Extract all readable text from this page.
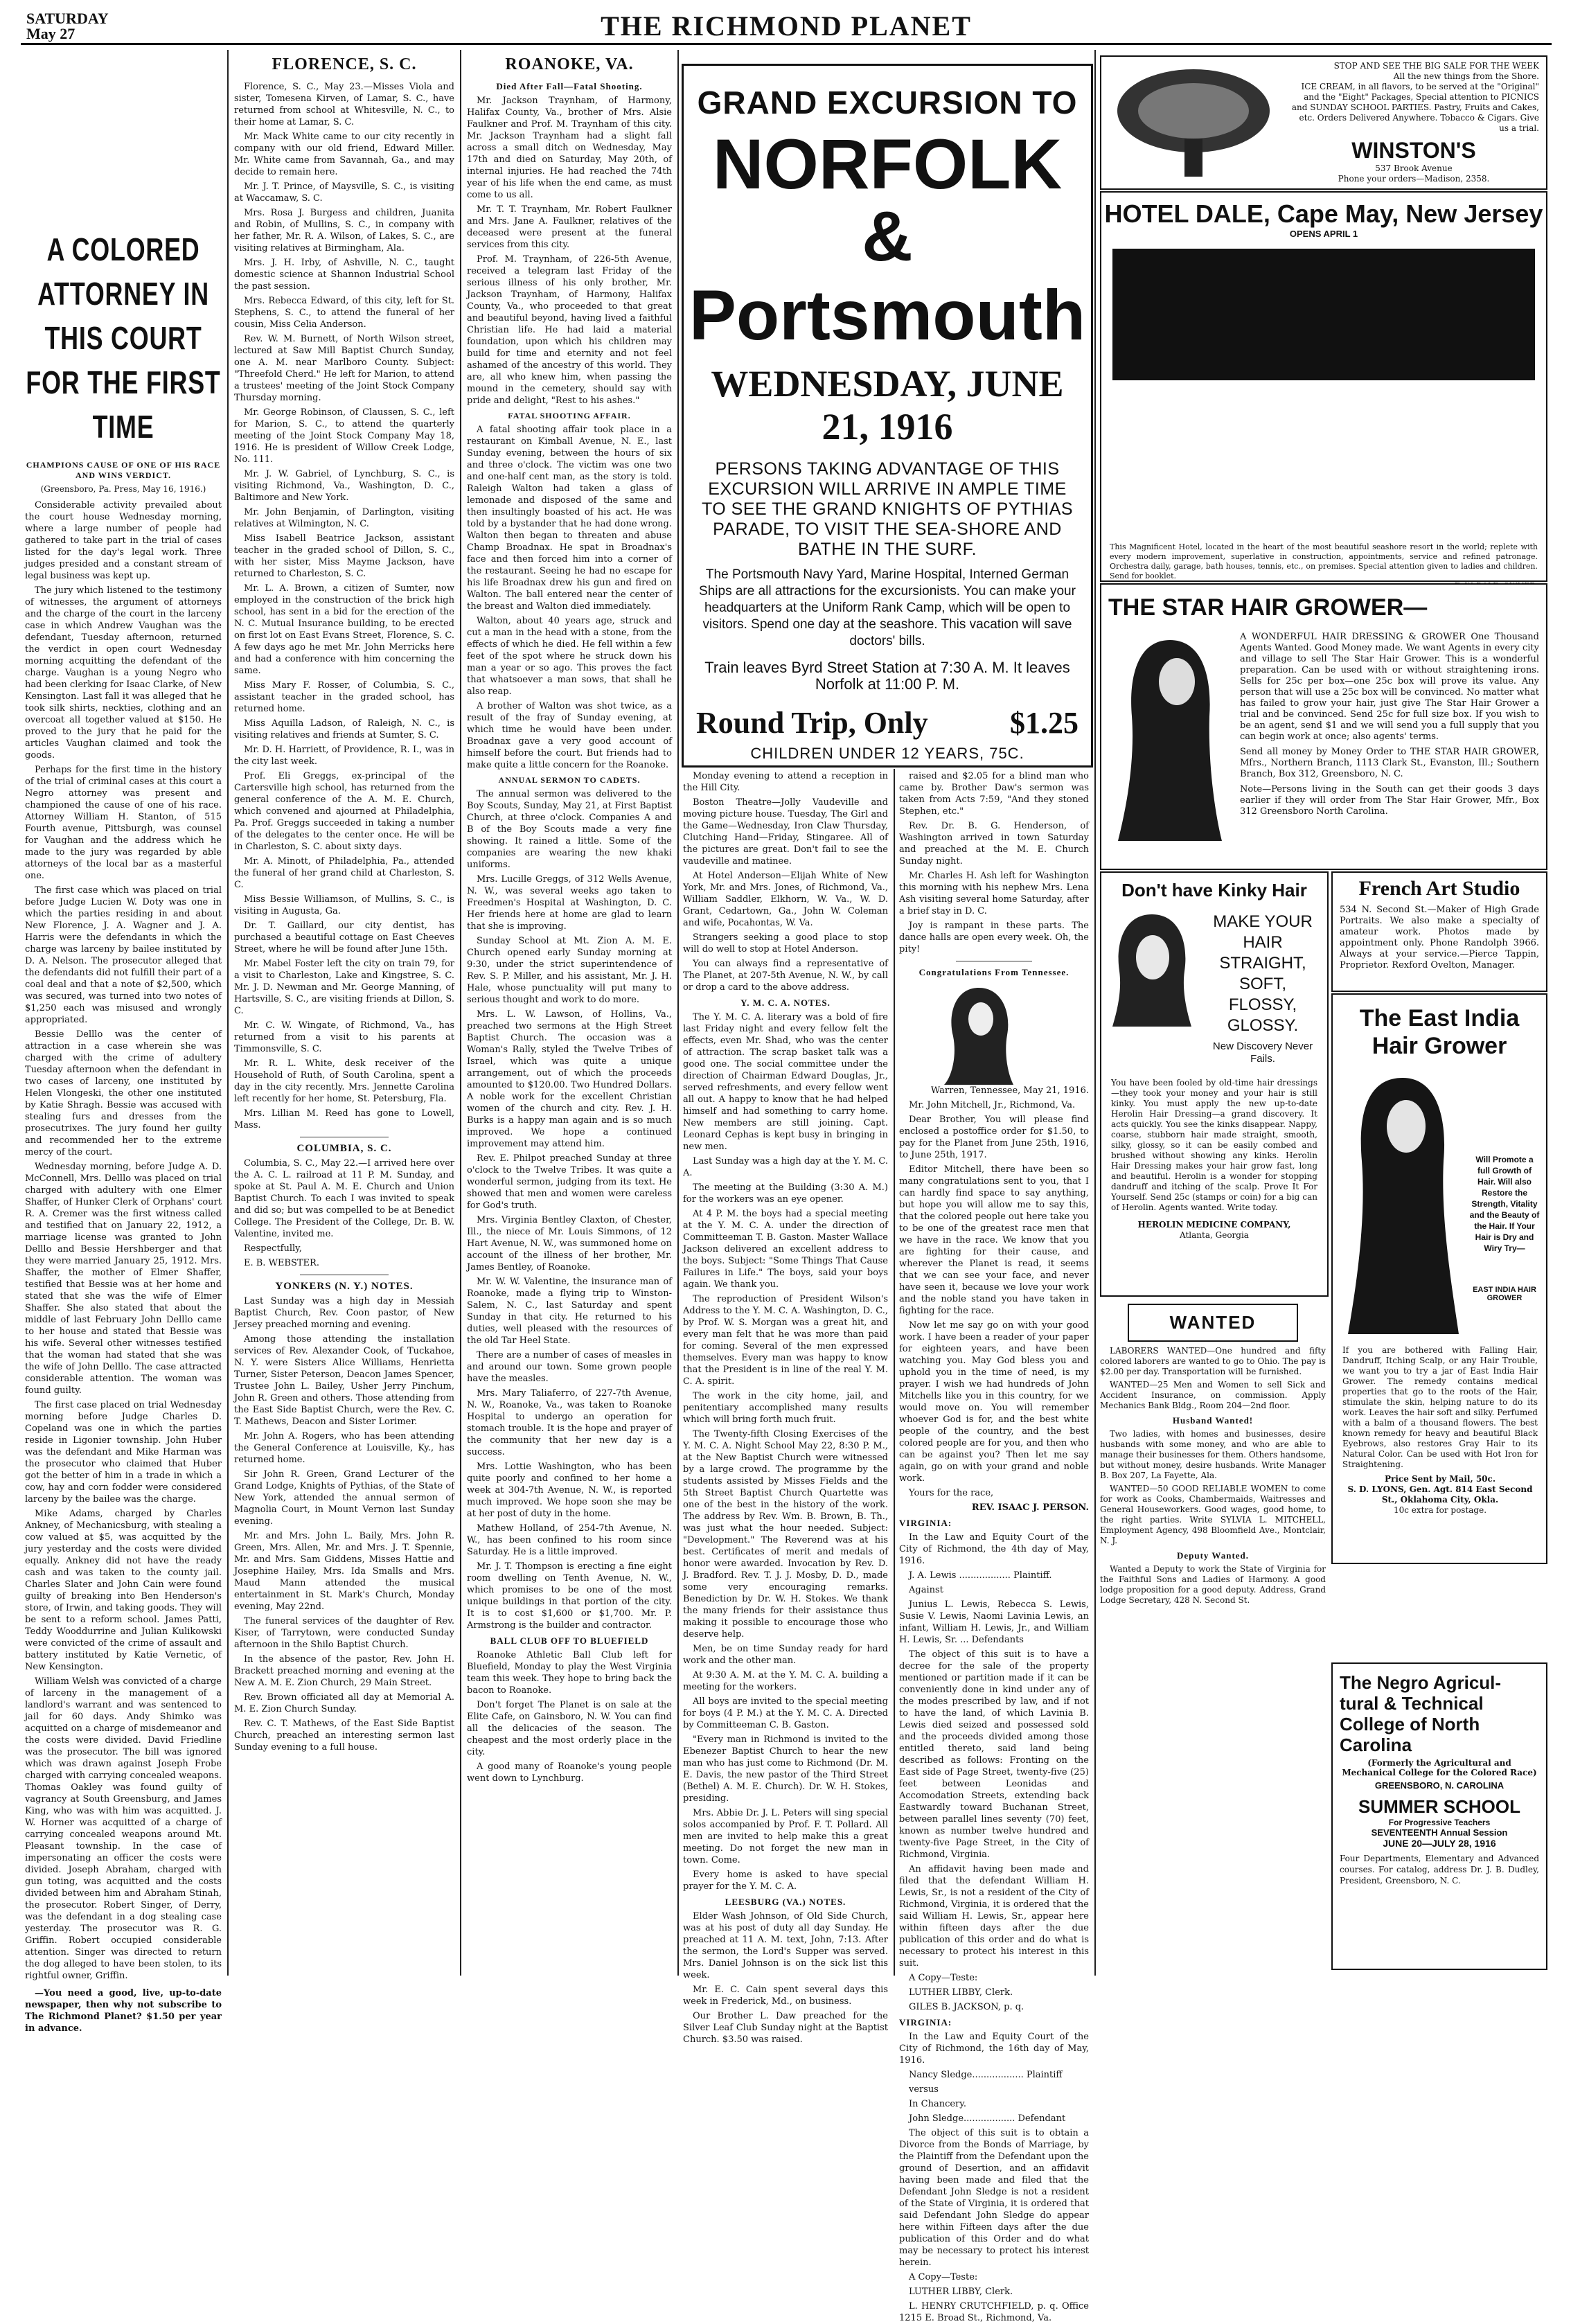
SATURDAY
May 27	THE RICHMOND PLANET
A COLORED ATTORNEY IN THIS COURT FOR THE FIRST TIME
CHAMPIONS CAUSE OF ONE OF HIS RACE AND WINS VERDICT.
(Greensboro, Pa. Press, May 16, 1916.)

Considerable activity prevailed about the court house Wednesday morning, where a large number of people had gathered to take part in the trial of cases listed for the day's legal work. Three judges presided and a constant stream of legal business was kept up.

The jury which listened to the testimony of witnesses, the argument of attorneys and the charge of the court in the larceny case in which Andrew Vaughan was the defendant, Tuesday afternoon, returned the verdict in open court Wednesday morning acquitting the defendant of the charge. Vaughan is a young Negro who had been clerking for Isaac Clarke, of New Kensington. Last fall it was alleged that he took silk shirts, neckties, clothing and an overcoat all together valued at $150. He proved to the jury that he paid for the articles Vaughan claimed and took the goods.

Perhaps for the first time in the history of the trial of criminal cases at this court a Negro attorney was present and championed the cause of one of his race. Attorney William H. Stanton, of 515 Fourth avenue, Pittsburgh, was counsel for Vaughan and the address which he made to the jury was regarded by able attorneys of the local bar as a masterful one.

The first case which was placed on trial before Judge Lucien W. Doty was one in which the parties residing in and about New Florence, J. A. Wagner and J. A. Harris were the defendants in which the charge was larceny by bailee instituted by D. A. Nelson. The prosecutor alleged that the defendants did not fulfill their part of a coal deal and that a note of $2,500, which was secured, was turned into two notes of $1,250 each was misused and wrongly appropriated.

Bessie Delllo was the center of attraction in a case wherein she was charged with the crime of adultery Tuesday afternoon when the defendant in two cases of larceny, one instituted by Helen Vlongeski, the other one instituted by Katie Shragh. Bessie was accused with stealing furs and dresses from the prosecutrixes. The jury found her guilty and recommended her to the extreme mercy of the court.

Wednesday morning, before Judge A. D. McConnell, Mrs. Delllo was placed on trial charged with adultery with one Elmer Shaffer, of Hunker Clerk of Orphans' court R. A. Cremer was the first witness called and testified that on January 22, 1912, a marriage license was granted to John Delllo and Bessie Hershberger and that they were married January 25, 1912. Mrs. Shaffer, the mother of Elmer Shaffer, testified that Bessie was at her home and stated that she was the wife of Elmer Shaffer. She also stated that about the middle of last February John Delllo came to her house and stated that Bessie was his wife. Several other witnesses testified that the woman had stated that she was the wife of John Delllo. The case attracted considerable attention. The woman was found guilty.

The first case placed on trial Wednesday morning before Judge Charles D. Copeland was one in which the parties reside in Ligonier township. John Huber was the defendant and Mike Harman was the prosecutor who claimed that Huber got the better of him in a trade in which a cow, hay and corn fodder were considered larceny by the bailee was the charge.

Mike Adams, charged by Charles Ankney, of Mechanicsburg, with stealing a cow valued at $5, was acquitted by the jury yesterday and the costs were divided equally. Ankney did not have the ready cash and was taken to the county jail. Charles Slater and John Cain were found guilty of breaking into Ben Henderson's store, of Irwin, and taking goods. They will be sent to a reform school. James Patti, Teddy Wooddurrine and Julian Kulikowski were convicted of the crime of assault and battery instituted by Katie Vernetic, of New Kensington.

William Welsh was convicted of a charge of larceny in the management of a landlord's warrant and was sentenced to jail for 60 days. Andy Shimko was acquitted on a charge of misdemeanor and the costs were divided. David Friedline was the prosecutor. The bill was ignored which was drawn against Joseph Frobe charged with carrying concealed weapons. Thomas Oakley was found guilty of vagrancy at South Greensburg, and James King, who was with him was acquitted. J. W. Horner was acquitted of a charge of carrying concealed weapons around Mt. Pleasant township. In the case of impersonating an officer the costs were divided. Joseph Abraham, charged with gun toting, was acquitted and the costs divided between him and Abraham Stinah, the prosecutor. Robert Singer, of Derry, was the defendant in a dog stealing case yesterday. The prosecutor was R. G. Griffin. Robert occupied considerable attention. Singer was directed to return the dog alleged to have been stolen, to its rightful owner, Griffin.

—You need a good, live, up-to-date newspaper, then why not subscribe to The Richmond Planet? $1.50 per year in advance.

FLORENCE, S. C.

Florence, S. C., May 23.—Misses Viola and sister, Tomesena Kirven, of Lamar, S. C., have returned from school at Whitesville, N. C., to their home at Lamar, S. C.

Mr. Mack White came to our city recently in company with our old friend, Edward Miller. Mr. White came from Savannah, Ga., and may decide to remain here.

Mr. J. T. Prince, of Maysville, S. C., is visiting at Waccamaw, S. C.

Mrs. Rosa J. Burgess and children, Juanita and Robin, of Mullins, S. C., in company with her father, Mr. R. A. Wilson, of Lakes, S. C., are visiting relatives at Birmingham, Ala.

Mrs. J. H. Irby, of Ashville, N. C., taught domestic science at Shannon Industrial School the past session.

Mrs. Rebecca Edward, of this city, left for St. Stephens, S. C., to attend the funeral of her cousin, Miss Celia Anderson.

Rev. W. M. Burnett, of North Wilson street, lectured at Saw Mill Baptist Church Sunday, one A. M. near Marlboro County. Subject: "Threefold Cherd." He left for Marion, to attend a trustees' meeting of the Joint Stock Company Thursday morning.

Mr. George Robinson, of Claussen, S. C., left for Marion, S. C., to attend the quarterly meeting of the Joint Stock Company May 18, 1916. He is president of Willow Creek Lodge, No. 111.

Mr. J. W. Gabriel, of Lynchburg, S. C., is visiting Richmond, Va., Washington, D. C., Baltimore and New York.

Mr. John Benjamin, of Darlington, visiting relatives at Wilmington, N. C.

Miss Isabell Beatrice Jackson, assistant teacher in the graded school of Dillon, S. C., with her sister, Miss Mayme Jackson, have returned to Charleston, S. C.

Mr. L. A. Brown, a citizen of Sumter, now employed in the construction of the brick high school, has sent in a bid for the erection of the N. C. Mutual Insurance building, to be erected on first lot on East Evans Street, Florence, S. C. A few days ago he met Mr. John Merricks here and had a conference with him concerning the same.

Miss Mary F. Rosser, of Columbia, S. C., assistant teacher in the graded school, has returned home.

Miss Aquilla Ladson, of Raleigh, N. C., is visiting relatives and friends at Sumter, S. C.

Mr. D. H. Harriett, of Providence, R. I., was in the city last week.

Prof. Eli Greggs, ex-principal of the Cartersville high school, has returned from the general conference of the A. M. E. Church, which convened and ajourned at Philadelphia, Pa. Prof. Greggs succeeded in taking a number of the delegates to the center once. He will be in Charleston, S. C. about sixty days.

Mr. A. Minott, of Philadelphia, Pa., attended the funeral of her grand child at Charleston, S. C.

Miss Bessie Williamson, of Mullins, S. C., is visiting in Augusta, Ga.

Dr. T. Gaillard, our city dentist, has purchased a beautiful cottage on East Cheeves Street, where he will be found after June 15th.

Mr. Mabel Foster left the city on train 79, for a visit to Charleston, Lake and Kingstree, S. C. Mr. J. D. Newman and Mr. George Manning, of Hartsville, S. C., are visiting friends at Dillon, S. C.

Mr. C. W. Wingate, of Richmond, Va., has returned from a visit to his parents at Timmonsville, S. C.

Mr. R. L. White, desk receiver of the Household of Ruth, of South Carolina, spent a day in the city recently. Mrs. Jennette Carolina left recently for her home, St. Petersburg, Fla.

Mrs. Lillian M. Reed has gone to Lowell, Mass.

COLUMBIA, S. C.

Columbia, S. C., May 22.—I arrived here over the A. C. L. railroad at 11 P. M. Sunday, and spoke at St. Paul A. M. E. Church and Union Baptist Church. To each I was invited to speak and did so; but was compelled to be at Benedict College. The President of the College, Dr. B. W. Valentine, invited me.

Respectfully,

E. B. WEBSTER.

YONKERS (N. Y.) NOTES.

Last Sunday was a high day in Messiah Baptist Church, Rev. Coon pastor, of New Jersey preached morning and evening.

Among those attending the installation services of Rev. Alexander Cook, of Tuckahoe, N. Y. were Sisters Alice Williams, Henrietta Turner, Sister Peterson, Deacon James Spencer, Trustee John L. Bailey, Usher Jerry Pinchum, John R. Green and others. Those attending from the East Side Baptist Church, were the Rev. C. T. Mathews, Deacon and Sister Lorimer.

Mr. John A. Rogers, who has been attending the General Conference at Louisville, Ky., has returned home.

Sir John R. Green, Grand Lecturer of the Grand Lodge, Knights of Pythias, of the State of New York, attended the annual sermon of Magnolia Court, in Mount Vernon last Sunday evening.

Mr. and Mrs. John L. Baily, Mrs. John R. Green, Mrs. Allen, Mr. and Mrs. J. T. Spennie, Mr. and Mrs. Sam Giddens, Misses Hattie and Josephine Hailey, Mrs. Ida Smalls and Mrs. Maud Mann attended the musical entertainment in St. Mark's Church, Monday evening, May 22nd.

The funeral services of the daughter of Rev. Kiser, of Tarrytown, were conducted Sunday afternoon in the Shilo Baptist Church.

In the absence of the pastor, Rev. John H. Brackett preached morning and evening at the New A. M. E. Zion Church, 29 Main Street.

Rev. Brown officiated all day at Memorial A. M. E. Zion Church Sunday.

Rev. C. T. Mathews, of the East Side Baptist Church, preached an interesting sermon last Sunday evening to a full house.

ROANOKE, VA.
Died After Fall—Fatal Shooting.

Mr. Jackson Traynham, of Harmony, Halifax County, Va., brother of Mrs. Alsie Faulkner and Prof. M. Traynham of this city. Mr. Jackson Traynham had a slight fall across a small ditch on Wednesday, May 17th and died on Saturday, May 20th, of internal injuries. He had reached the 74th year of his life when the end came, as must come to us all.

Mr. T. T. Traynham, Mr. Robert Faulkner and Mrs. Jane A. Faulkner, relatives of the deceased were present at the funeral services from this city.

Prof. M. Traynham, of 226-5th Avenue, received a telegram last Friday of the serious illness of his only brother, Mr. Jackson Traynham, of Harmony, Halifax County, Va., who proceeded to that great and beautiful beyond, having lived a faithful Christian life. He had laid a material foundation, upon which his children may build for time and eternity and not feel ashamed of the ancestry of this world. They are, all who knew him, when passing the mound in the cemetery, should say with pride and delight, "Rest to his ashes."

FATAL SHOOTING AFFAIR.

A fatal shooting affair took place in a restaurant on Kimball Avenue, N. E., last Sunday evening, between the hours of six and three o'clock. The victim was one two and one-half cent man, as the story is told. Raleigh Walton had taken a glass of lemonade and disposed of the same and then insultingly boasted of his act. He was told by a bystander that he had done wrong. Walton then began to threaten and abuse Champ Broadnax. He spat in Broadnax's face and then forced him into a corner of the restaurant. Seeing he had no escape for his life Broadnax drew his gun and fired on Walton. The ball entered near the center of the breast and Walton died immediately.

Walton, about 40 years age, struck and cut a man in the head with a stone, from the effects of which he died. He fell within a few feet of the spot where he struck down his man a year or so ago. This proves the fact that whatsoever a man sows, that shall he also reap.

A brother of Walton was shot twice, as a result of the fray of Sunday evening, at which time he would have been under. Broadnax gave a very good account of himself before the court. But friends had to make quite a little concern for the Roanoke.

ANNUAL SERMON TO CADETS.

The annual sermon was delivered to the Boy Scouts, Sunday, May 21, at First Baptist Church, at three o'clock. Companies A and B of the Boy Scouts made a very fine showing. It rained a little. Some of the companies are wearing the new khaki uniforms.

Mrs. Lucille Greggs, of 312 Wells Avenue, N. W., was several weeks ago taken to Freedmen's Hospital at Washington, D. C. Her friends here at home are glad to learn that she is improving.

Sunday School at Mt. Zion A. M. E. Church opened early Sunday morning at 9:30, under the strict superintendence of Rev. S. P. Miller, and his assistant, Mr. J. H. Hale, whose punctuality will put many to serious thought and work to do more.

Mrs. L. W. Lawson, of Hollins, Va., preached two sermons at the High Street Baptist Church. The occasion was a Woman's Rally, styled the Twelve Tribes of Israel, which was quite a unique arrangement, out of which the proceeds amounted to $120.00. Two Hundred Dollars. A noble work for the excellent Christian women of the church and city. Rev. J. H. Burks is a happy man again and is so much improved. We hope a continued improvement may attend him.

Rev. E. Philpot preached Sunday at three o'clock to the Twelve Tribes. It was quite a wonderful sermon, judging from its text. He showed that men and women were careless for God's truth.

Mrs. Virginia Bentley Claxton, of Chester, Ill., the niece of Mr. Louis Simmons, of 12 Hart Avenue, N. W., was summoned home on account of the illness of her brother, Mr. James Bentley, of Roanoke.

Mr. W. W. Valentine, the insurance man of Roanoke, made a flying trip to Winston-Salem, N. C., last Saturday and spent Sunday in that city. He returned to his duties, well pleased with the resources of the old Tar Heel State.

There are a number of cases of measles in and around our town. Some grown people have the measles.

Mrs. Mary Taliaferro, of 227-7th Avenue, N. W., Roanoke, Va., was taken to Roanoke Hospital to undergo an operation for stomach trouble. It is the hope and prayer of the community that her new day is a success.

Mrs. Lottie Washington, who has been quite poorly and confined to her home a week at 304-7th Avenue, N. W., is reported much improved. We hope soon she may be at her post of duty in the home.

Mathew Holland, of 254-7th Avenue, N. W., has been confined to his room since Saturday. He is a little improved.

Mr. J. T. Thompson is erecting a fine eight room dwelling on Tenth Avenue, N. W., which promises to be one of the most unique buildings in that portion of the city. It is to cost $1,600 or $1,700. Mr. P. Armstrong is the builder and contractor.

BALL CLUB OFF TO BLUEFIELD

Roanoke Athletic Ball Club left for Bluefield, Monday to play the West Virginia team this week. They hope to bring back the bacon to Roanoke.

Don't forget The Planet is on sale at the Elite Cafe, on Gainsboro, N. W. You can find all the delicacies of the season. The cheapest and the most orderly place in the city.

A good many of Roanoke's young people went down to Lynchburg.

GRAND EXCURSION TO
NORFOLK &
Portsmouth
WEDNESDAY, JUNE 21, 1916
PERSONS TAKING ADVANTAGE OF THIS EXCURSION WILL ARRIVE IN AMPLE TIME TO SEE THE GRAND KNIGHTS OF PYTHIAS PARADE, TO VISIT THE SEA-SHORE AND BATHE IN THE SURF.
The Portsmouth Navy Yard, Marine Hospital, Interned German Ships are all attractions for the excursionists. You can make your headquarters at the Uniform Rank Camp, which will be open to visitors. Spend one day at the seashore. This vacation will save doctors' bills.
Train leaves Byrd Street Station at 7:30 A. M. It leaves Norfolk at 11:00 P. M.
Round Trip, Only	$1.25
CHILDREN UNDER 12 YEARS, 75C.

Monday evening to attend a reception in the Hill City.

Boston Theatre—Jolly Vaudeville and moving picture house. Tuesday, The Girl and the Game—Wednesday, Iron Claw Thursday, Clutching Hand—Friday, Stingaree. All of the pictures are great. Don't fail to see the vaudeville and matinee.

At Hotel Anderson—Elijah White of New York, Mr. and Mrs. Jones, of Richmond, Va., William Saddler, Elkhorn, W. Va., W. D. Grant, Cedartown, Ga., John W. Coleman and wife, Pocahontas, W. Va.

Strangers seeking a good place to stop will do well to stop at Hotel Anderson.

You can always find a representative of The Planet, at 207-5th Avenue, N. W., by call or drop a card to the above address.

Y. M. C. A. NOTES.

The Y. M. C. A. literary was a bold of fire last Friday night and every fellow felt the effects, even Mr. Shad, who was the center of attraction. The scrap basket talk was a good one. The social committee under the direction of Chairman Edward Douglas, Jr., served refreshments, and every fellow went all out. A happy to know that he had helped himself and had something to carry home. New members are still joining. Capt. Leonard Cephas is kept busy in bringing in new men.

Last Sunday was a high day at the Y. M. C. A.

The meeting at the Building (3:30 A. M.) for the workers was an eye opener.

At 4 P. M. the boys had a special meeting at the Y. M. C. A. under the direction of Committeeman T. B. Gaston. Master Wallace Jackson delivered an excellent address to the boys. Subject: "Some Things That Cause Failures in Life." The boys, said your boys again. We thank you.

The reproduction of President Wilson's Address to the Y. M. C. A. Washington, D. C., by Prof. W. S. Morgan was a great hit, and every man felt that he was more than paid for coming. Several of the men expressed themselves. Every man was happy to know that the President is in line of the real Y. M. C. A. spirit.

The work in the city home, jail, and penitentiary accomplished many results which will bring forth much fruit.

The Twenty-fifth Closing Exercises of the Y. M. C. A. Night School May 22, 8:30 P. M., at the New Baptist Church were witnessed by a large crowd. The programme by the students assisted by Misses Fields and the 5th Street Baptist Church Quartette was one of the best in the history of the work. The address by Rev. Wm. B. Brown, B. Th., was just what the hour needed. Subject: "Development." The Reverend was at his best. Certificates of merit and medals of honor were awarded. Invocation by Rev. D. J. Bradford. Rev. T. J. J. Mosby, D. D., made some very encouraging remarks. Benediction by Dr. W. H. Stokes. We thank the many friends for their assistance thus making it possible to encourage those who deserve help.

Men, be on time Sunday ready for hard work and the other man.

At 9:30 A. M. at the Y. M. C. A. building a meeting for the workers.

All boys are invited to the special meeting for boys (4 P. M.) at the Y. M. C. A. Directed by Committeeman C. B. Gaston.

"Every man in Richmond is invited to the Ebenezer Baptist Church to hear the new man who has just come to Richmond (Dr. M. E. Davis, the new pastor of the Third Street (Bethel) A. M. E. Church). Dr. W. H. Stokes, presiding.

Mrs. Abbie Dr. J. L. Peters will sing special solos accompanied by Prof. F. T. Pollard. All men are invited to help make this a great meeting. Do not forget the new man in town. Come.

Every home is asked to have special prayer for the Y. M. C. A.

LEESBURG (VA.) NOTES.

Elder Wash Johnson, of Old Side Church, was at his post of duty all day Sunday. He preached at 11 A. M. text, John, 7:13. After the sermon, the Lord's Supper was served. Mrs. Daniel Johnson is on the sick list this week.

Mr. E. C. Cain spent several days this week in Frederick, Md., on business.

Our Brother L. Daw preached for the Silver Leaf Club Sunday night at the Baptist Church. $3.50 was raised.

raised and $2.05 for a blind man who came by. Brother Daw's sermon was taken from Acts 7:59, "And they stoned Stephen, etc."

Rev. Dr. B. G. Henderson, of Washington arrived in town Saturday and preached at the M. E. Church Sunday night.

Mr. Charles H. Ash left for Washington this morning with his nephew Mrs. Lena Ash visiting several home Saturday, after a brief stay in D. C.

Joy is rampant in these parts. The dance halls are open every week. Oh, the pity!

Congratulations From Tennessee.

Warren, Tennessee, May 21, 1916.

Mr. John Mitchell, Jr., Richmond, Va.

Dear Brother, You will please find enclosed a postoffice order for $1.50, to pay for the Planet from June 25th, 1916, to June 25th, 1917.

Editor Mitchell, there have been so many congratulations sent to you, that I can hardly find space to say anything, but hope you will allow me to say this, that the colored people out here take you to be one of the greatest race men that we have in the race. We know that you are fighting for their cause, and wherever the Planet is read, it seems that we can see your face, and never have seen it, because we love your work and the noble stand you have taken in fighting for the race.

Now let me say go on with your good work. I have been a reader of your paper for eighteen years, and have been watching you. May God bless you and uphold you in the time of need, is my prayer. I wish we had hundreds of John Mitchells like you in this country, for we would move on. You will remember whoever God is for, and the best white people of the country, and the best colored people are for you, and then who can be against you? Then let me say again, go on with your grand and noble work.

Yours for the race,

REV. ISAAC J. PERSON.

VIRGINIA:

In the Law and Equity Court of the City of Richmond, the 4th day of May, 1916.

J. A. Lewis .................. Plaintiff.

Against

Junius L. Lewis, Rebecca S. Lewis, Susie V. Lewis, Naomi Lavinia Lewis, an infant, William H. Lewis, Jr., and William H. Lewis, Sr. ... Defendants

The object of this suit is to have a decree for the sale of the property mentioned or partition made if it can be conveniently done in kind under any of the modes prescribed by law, and if not to have the land, of which Lavinia B. Lewis died seized and possessed sold and the proceeds divided among those entitled thereto, said land being described as follows: Fronting on the East side of Page Street, twenty-five (25) feet between Leonidas and Accomodation Streets, extending back Eastwardly toward Buchanan Street, between parallel lines seventy (70) feet, known as number twelve hundred and twenty-five Page Street, in the City of Richmond, Virginia.

An affidavit having been made and filed that the defendant William H. Lewis, Sr., is not a resident of the City of Richmond, Virginia, it is ordered that the said William H. Lewis, Sr., appear here within fifteen days after the due publication of this order and do what is necessary to protect his interest in this suit.

A Copy—Teste:

LUTHER LIBBY, Clerk.

GILES B. JACKSON, p. q.

VIRGINIA:

In the Law and Equity Court of the City of Richmond, the 16th day of May, 1916.

Nancy Sledge.................. Plaintiff

versus

In Chancery.

John Sledge.................. Defendant

The object of this suit is to obtain a Divorce from the Bonds of Marriage, by the Plaintiff from the Defendant upon the ground of Desertion, and an affidavit having been made and filed that the Defendant John Sledge is not a resident of the State of Virginia, it is ordered that said Defendant John Sledge do appear here within Fifteen days after the due publication of this Order and do what may be necessary to protect his interest herein.

A Copy—Teste:

LUTHER LIBBY, Clerk.

L. HENRY CRUTCHFIELD, p. q. Office 1215 E. Broad St., Richmond, Va.

STOP AND SEE THE BIG SALE FOR THE WEEK
All the new things from the Shore.
ICE CREAM, in all flavors, to be served at the "Original" and the "Eight" Packages, Special attention to PICNICS and SUNDAY SCHOOL PARTIES. Pastry, Fruits and Cakes, etc. Orders Delivered Anywhere. Tobacco & Cigars. Give us a trial.
WINSTON'S
537 Brook Avenue
Phone your orders—Madison, 2358.
HOTEL DALE, Cape May, New Jersey
OPENS APRIL 1
This Magnificent Hotel, located in the heart of the most beautiful seashore resort in the world; replete with every modern improvement, superlative in construction, appointments, service and refined patronage. Orchestra daily, garage, bath houses, tennis, etc., on premises. Special attention given to ladies and children. Send for booklet.
THE STAR HAIR GROWER—
A WONDERFUL HAIR DRESSING & GROWER One Thousand Agents Wanted. Good Money made. We want Agents in every city and village to sell The Star Hair Grower. This is a wonderful preparation. Can be used with or without straightening irons. Sells for 25c per box—one 25c box will prove its value. Any person that will use a 25c box will be convinced. No matter what has failed to grow your hair, just give The Star Hair Grower a trial and be convinced. Send 25c for full size box. If you wish to be an agent, send $1 and we will send you a full supply that you can begin work at once; also agents' terms.
Send all money by Money Order to THE STAR HAIR GROWER, Mfrs., Northern Branch, 1113 Clark St., Evanston, Ill.; Southern Branch, Box 312, Greensboro, N. C.
Note—Persons living in the South can get their goods 3 days earlier if they will order from The Star Hair Grower, Mfr., Box 312 Greensboro North Carolina.
Don't have Kinky Hair
MAKE YOUR
HAIR
STRAIGHT,
SOFT,
FLOSSY,
GLOSSY.
New Discovery Never Fails.
You have been fooled by old-time hair dressings—they took your money and your hair is still kinky. You must apply the new up-to-date Herolin Hair Dressing—a grand discovery. It acts quickly. You see the kinks disappear. Nappy, coarse, stubborn hair made straight, smooth, silky, glossy, so it can be easily combed and brushed without showing any kinks. Herolin Hair Dressing makes your hair grow fast, long and beautiful. Herolin is a wonder for stopping dandruff and itching of the scalp. Prove It For Yourself. Send 25c (stamps or coin) for a big can of Herolin. Agents wanted. Write today.
HEROLIN MEDICINE COMPANY,
Atlanta, Georgia
WANTED

LABORERS WANTED—One hundred and fifty colored laborers are wanted to go to Ohio. The pay is $2.00 per day. Transportation will be furnished.

WANTED—25 Men and Women to sell Sick and Accident Insurance, on commission. Apply Mechanics Bank Bldg., Room 204—2nd floor.

Husband Wanted!

Two ladies, with homes and businesses, desire husbands with some money, and who are able to manage their businesses for them. Others handsome, but without money, desire husbands. Write Manager B. Box 207, La Fayette, Ala.

WANTED—50 GOOD RELIABLE WOMEN to come for work as Cooks, Chambermaids, Waitresses and General Houseworkers. Good wages, good home, to the right parties. Write SYLVIA L. MITCHELL, Employment Agency, 498 Bloomfield Ave., Montclair, N. J.

Deputy Wanted.

Wanted a Deputy to work the State of Virginia for the Faithful Sons and Ladies of Harmony. A good lodge proposition for a good deputy. Address, Grand Lodge Secretary, 428 N. Second St.

French Art Studio
534 N. Second St.—Maker of High Grade Portraits. We also make a specialty of amateur work. Photos made by appointment only. Phone Randolph 3966. Always at your service.—Pierce Tappin, Proprietor. Rexford Ovelton, Manager.
The East India
Hair Grower
Will Promote a full Growth of Hair. Will also Restore the Strength, Vitality and the Beauty of the Hair. If Your Hair is Dry and Wiry Try—
EAST INDIA HAIR GROWER
If you are bothered with Falling Hair, Dandruff, Itching Scalp, or any Hair Trouble, we want you to try a jar of East India Hair Grower. The remedy contains medical properties that go to the roots of the Hair, stimulate the skin, helping nature to do its work. Leaves the hair soft and silky. Perfumed with a balm of a thousand flowers. The best known remedy for heavy and beautiful Black Eyebrows, also restores Gray Hair to its Natural Color. Can be used with Hot Iron for Straightening.
Price Sent by Mail, 50c.
S. D. LYONS, Gen. Agt. 814 East Second St., Oklahoma City, Okla.
10c extra for postage.
The Negro Agricul-
tural & Technical
College of North
Carolina
(Formerly the Agricultural and Mechanical College for the Colored Race)
GREENSBORO, N. CAROLINA
SUMMER SCHOOL
For Progressive Teachers
SEVENTEENTH Annual Session
JUNE 20—JULY 28, 1916
Four Departments, Elementary and Advanced courses. For catalog, address Dr. J. B. Dudley, President, Greensboro, N. C.
